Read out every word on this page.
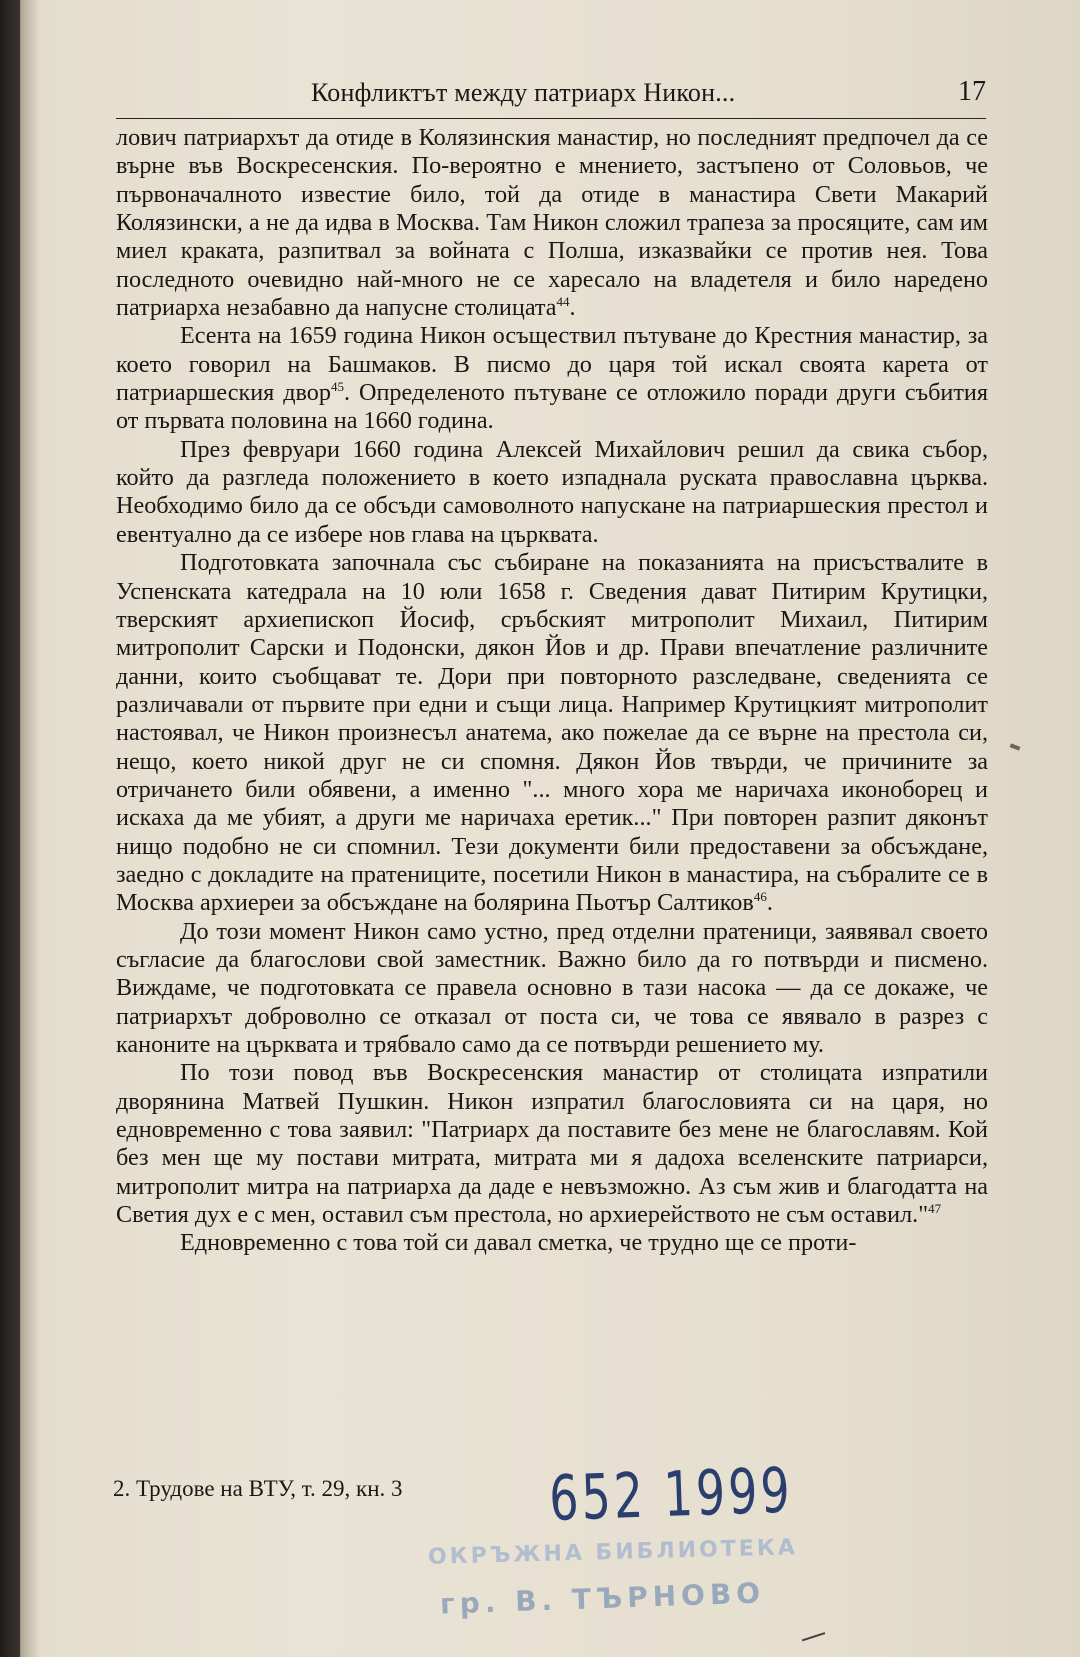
Конфликтът между патриарх Никон...	17

лович патриархът да отиде в Колязинския манастир, но последният предпочел да се върне във Воскресенския. По-вероятно е мнението, застъпено от Соловьов, че първоначалното известие било, той да отиде в манастира Свети Макарий Колязински, а не да идва в Москва. Там Никон сложил трапеза за просяците, сам им миел краката, разпитвал за войната с Полша, изказвайки се против нея. Това последното очевидно най-много не се харесало на владетеля и било наредено патриарха незабавно да напусне столицата$^{44}$.

Есента на 1659 година Никон осъществил пътуване до Крестния манастир, за което говорил на Башмаков. В писмо до царя той искал своята карета от патриаршеския двор$^{45}$. Определеното пътуване се отложило поради други събития от първата половина на 1660 година.

През февруари 1660 година Алексей Михайлович решил да свика събор, който да разгледа положението в което изпаднала руската православна църква. Необходимо било да се обсъди самоволното напускане на патриаршеския престол и евентуално да се избере нов глава на църквата.

Подготовката започнала със събиране на показанията на присъствалите в Успенската катедрала на 10 юли 1658 г. Сведения дават Питирим Крутицки, тверският архиепископ Йосиф, сръбският митрополит Михаил, Питирим митрополит Сарски и Подонски, дякон Йов и др. Прави впечатление различните данни, които съобщават те. Дори при повторното разследване, сведенията се различавали от първите при едни и същи лица. Например Крутицкият митрополит настоявал, че Никон произнесъл анатема, ако пожелае да се върне на престола си, нещо, което никой друг не си спомня. Дякон Йов твърди, че причините за отричането били обявени, а именно "... много хора ме наричаха иконоборец и искаха да ме убият, а други ме наричаха еретик..." При повторен разпит дяконът нищо подобно не си спомнил. Тези документи били предоставени за обсъждане, заедно с докладите на пратениците, посетили Никон в манастира, на събралите се в Москва архиереи за обсъждане на болярина Пьотър Салтиков$^{46}$.

До този момент Никон само устно, пред отделни пратеници, заявявал своето съгласие да благослови свой заместник. Важно било да го потвърди и писмено. Виждаме, че подготовката се правела основно в тази насока — да се докаже, че патриархът доброволно се отказал от поста си, че това се явявало в разрез с каноните на църквата и трябвало само да се потвърди решението му.

По този повод във Воскресенския манастир от столицата изпратили дворянина Матвей Пушкин. Никон изпратил благословията си на царя, но едновременно с това заявил: "Патриарх да поставите без мене не благославям. Кой без мен ще му постави митрата, митрата ми я дадоха вселенските патриарси, митрополит митра на патриарха да даде е невъзможно. Аз съм жив и благодатта на Светия дух е с мен, оставил съм престола, но архиерейството не съм оставил."$^{47}$

Едновременно с това той си давал сметка, че трудно ще се проти-

2. Трудове на ВТУ, т. 29, кн. 3	652 1999
ОКРЪЖНА БИБЛИОТЕКА
гр. В. ТЪРНОВО
